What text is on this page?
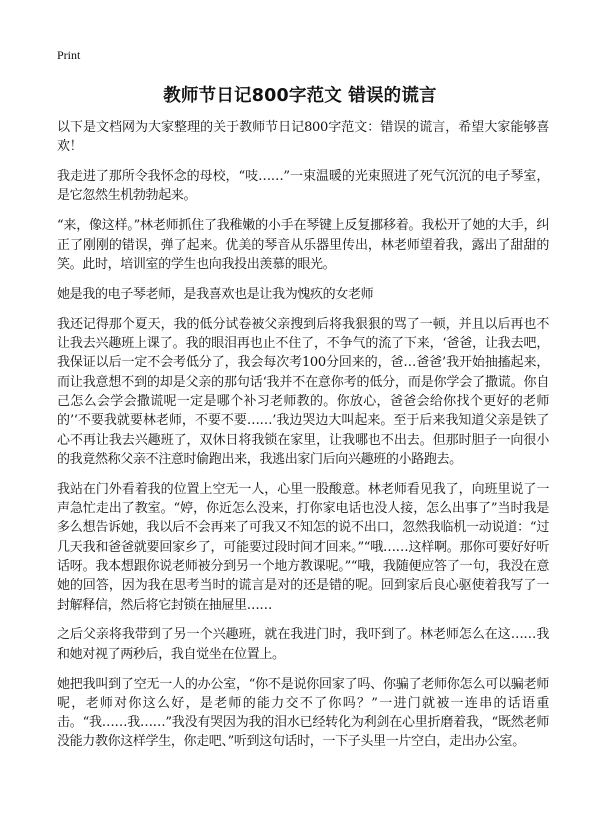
Print
教师节日记800字范文 错误的谎言

以下是文档网为大家整理的关于教师节日记800字范文：错误的谎言，希望大家能够喜欢！

我走进了那所令我怀念的母校，“吱……”一束温暖的光束照进了死气沉沉的电子琴室，是它忽然生机勃勃起来。

“来，像这样。”林老师抓住了我稚嫩的小手在琴键上反复挪移着。我松开了她的大手，纠正了刚刚的错误，弹了起来。优美的琴音从乐器里传出，林老师望着我，露出了甜甜的笑。此时，培训室的学生也向我投出羡慕的眼光。

她是我的电子琴老师，是我喜欢也是让我为愧疚的女老师

我还记得那个夏天，我的低分试卷被父亲搜到后将我狠狠的骂了一顿，并且以后再也不让我去兴趣班上课了。我的眼泪再也止不住了，不争气的流了下来，‘爸爸，让我去吧，我保证以后一定不会考低分了，我会每次考100分回来的，爸…爸爸’我开始抽搐起来，而让我意想不到的却是父亲的那句话‘我并不在意你考的低分，而是你学会了撒谎。你自己怎么会学会撒谎呢一定是哪个补习老师教的。你放心，爸爸会给你找个更好的老师的’‘不要我就要林老师，不要不要……’我边哭边大叫起来。至于后来我知道父亲是铁了心不再让我去兴趣班了，双休日将我锁在家里，让我哪也不出去。但那时胆子一向很小的我竟然称父亲不注意时偷跑出来，我逃出家门后向兴趣班的小路跑去。

我站在门外看着我的位置上空无一人，心里一股酸意。林老师看见我了，向班里说了一声急忙走出了教室。“婷，你近怎么没来，打你家电话也没人接，怎么出事了”当时我是多么想告诉她，我以后不会再来了可我又不知怎的说不出口，忽然我临机一动说道：“过几天我和爸爸就要回家乡了，可能要过段时间才回来。”“哦……这样啊。那你可要好好听话呀。我本想跟你说老师被分到另一个地方教课呢。”“哦，我随便应答了一句，我没在意她的回答，因为我在思考当时的谎言是对的还是错的呢。回到家后良心驱使着我写了一封解释信，然后将它封锁在抽屉里……

之后父亲将我带到了另一个兴趣班，就在我进门时，我吓到了。林老师怎么在这……我和她对视了两秒后，我自觉坐在位置上。

她把我叫到了空无一人的办公室，“你不是说你回家了吗、你骗了老师你怎么可以骗老师呢，老师对你这么好，是老师的能力交不了你吗？”一进门就被一连串的话语重击。“我……我……”我没有哭因为我的泪水已经转化为利剑在心里折磨着我，“既然老师没能力教你这样学生，你走吧、”听到这句话时，一下子头里一片空白，走出办公室。
